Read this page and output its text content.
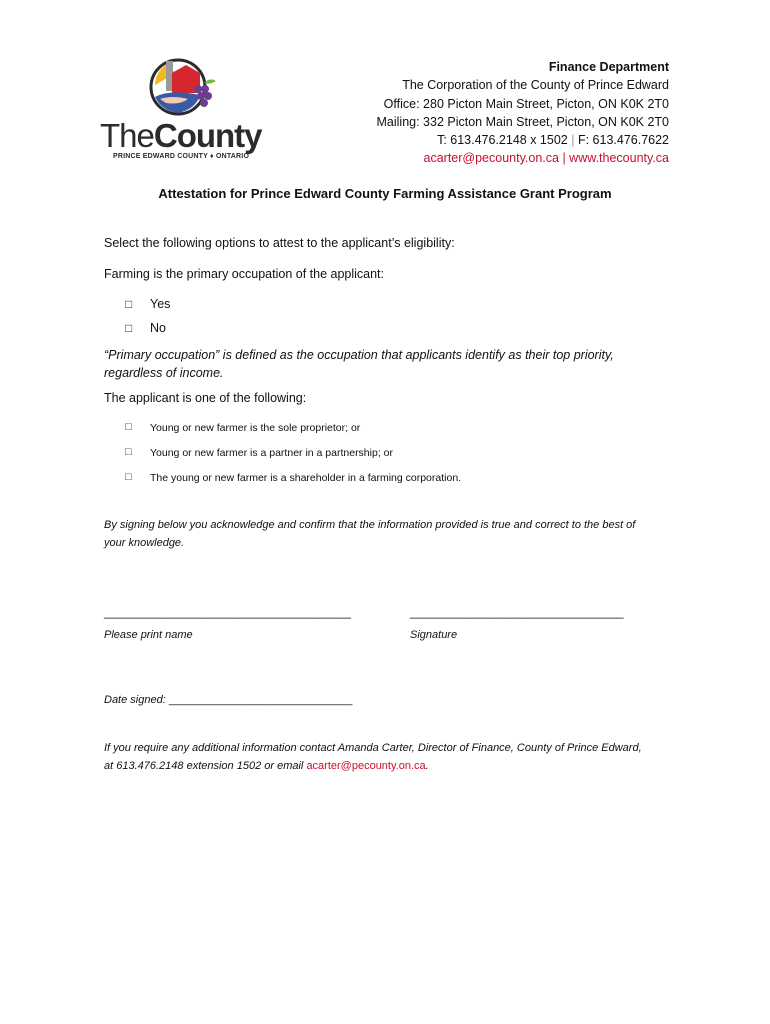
TheCounty
PRINCE EDWARD COUNTY ♦ ONTARIO
Finance Department
The Corporation of the County of Prince Edward
Office: 280 Picton Main Street, Picton, ON K0K 2T0
Mailing: 332 Picton Main Street, Picton, ON K0K 2T0
T: 613.476.2148 x 1502 | F: 613.476.7622
acarter@pecounty.on.ca | www.thecounty.ca
Attestation for Prince Edward County Farming Assistance Grant Program
Select the following options to attest to the applicant’s eligibility:
Farming is the primary occupation of the applicant:
□ Yes
□ No
“Primary occupation” is defined as the occupation that applicants identify as their top priority,
regardless of income.
The applicant is one of the following:
□ Young or new farmer is the sole proprietor; or
□ Young or new farmer is a partner in a partnership; or
□ The young or new farmer is a shareholder in a farming corporation.
By signing below you acknowledge and confirm that the information provided is true and correct to the best of
your knowledge.
_____________________________________	________________________________
Please print name	Signature
Date signed: ______________________________
If you require any additional information contact Amanda Carter, Director of Finance, County of Prince Edward,
at 613.476.2148 extension 1502 or email acarter@pecounty.on.ca.
